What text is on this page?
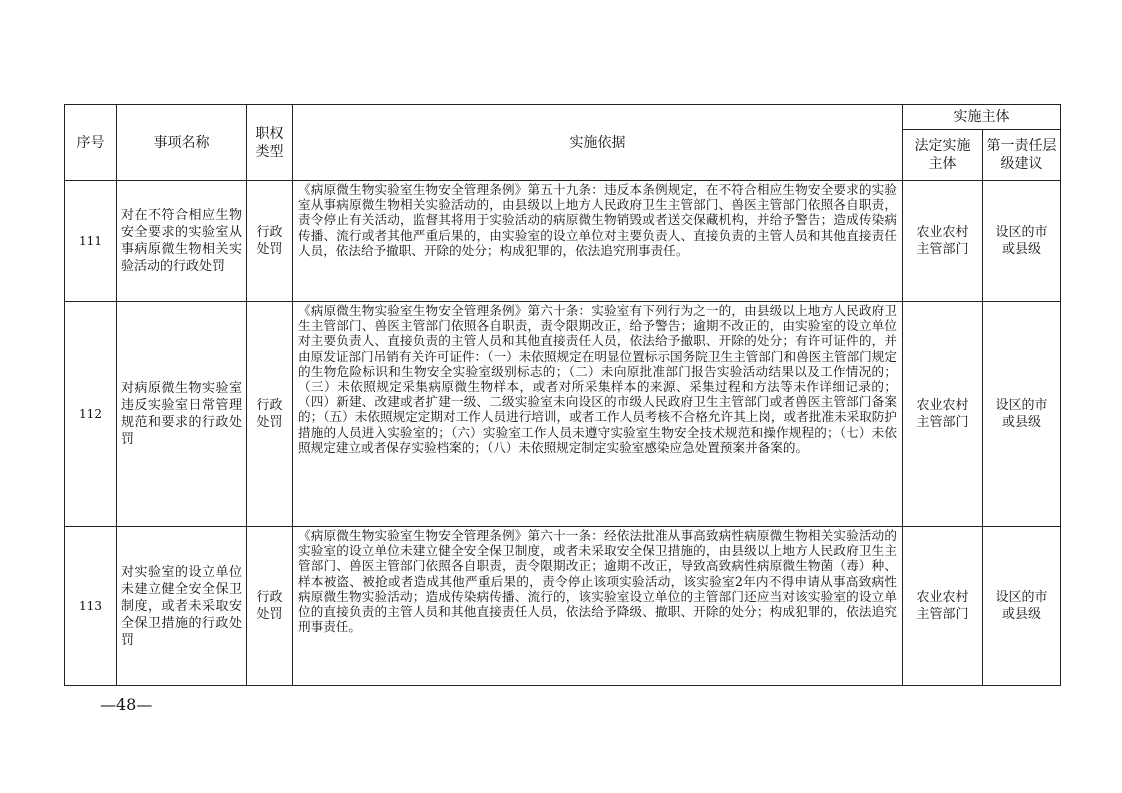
序号	事项名称	职权类型	实施依据	实施主体	

				法定实施主体	第一责任层级建议

111	对在不符合相应生物安全要求的实验室从事病原微生物相关实验活动的行政处罚	行政处罚	《病原微生物实验室生物安全管理条例》第五十九条：违反本条例规定，在不符合相应生物安全要求的实验室从事病原微生物相关实验活动的，由县级以上地方人民政府卫生主管部门、兽医主管部门依照各自职责，责令停止有关活动，监督其将用于实验活动的病原微生物销毁或者送交保藏机构，并给予警告；造成传染病传播、流行或者其他严重后果的，由实验室的设立单位对主要负责人、直接负责的主管人员和其他直接责任人员，依法给予撤职、开除的处分；构成犯罪的，依法追究刑事责任。	农业农村主管部门	设区的市或县级

112	对病原微生物实验室违反实验室日常管理规范和要求的行政处罚	行政处罚	《病原微生物实验室生物安全管理条例》第六十条：实验室有下列行为之一的，由县级以上地方人民政府卫生主管部门、兽医主管部门依照各自职责，责令限期改正，给予警告；逾期不改正的，由实验室的设立单位对主要负责人、直接负责的主管人员和其他直接责任人员，依法给予撤职、开除的处分；有许可证件的，并由原发证部门吊销有关许可证件：（一）未依照规定在明显位置标示国务院卫生主管部门和兽医主管部门规定的生物危险标识和生物安全实验室级别标志的；（二）未向原批准部门报告实验活动结果以及工作情况的；（三）未依照规定采集病原微生物样本，或者对所采集样本的来源、采集过程和方法等未作详细记录的；（四）新建、改建或者扩建一级、二级实验室未向设区的市级人民政府卫生主管部门或者兽医主管部门备案的；（五）未依照规定定期对工作人员进行培训，或者工作人员考核不合格允许其上岗，或者批准未采取防护措施的人员进入实验室的；（六）实验室工作人员未遵守实验室生物安全技术规范和操作规程的；（七）未依照规定建立或者保存实验档案的；（八）未依照规定制定实验室感染应急处置预案并备案的。	农业农村主管部门	设区的市或县级

113	对实验室的设立单位未建立健全安全保卫制度，或者未采取安全保卫措施的行政处罚	行政处罚	《病原微生物实验室生物安全管理条例》第六十一条：经依法批准从事高致病性病原微生物相关实验活动的实验室的设立单位未建立健全安全保卫制度，或者未采取安全保卫措施的，由县级以上地方人民政府卫生主管部门、兽医主管部门依照各自职责，责令限期改正；逾期不改正，导致高致病性病原微生物菌（毒）种、样本被盗、被抢或者造成其他严重后果的，责令停止该项实验活动，该实验室2年内不得申请从事高致病性病原微生物实验活动；造成传染病传播、流行的，该实验室设立单位的主管部门还应当对该实验室的设立单位的直接负责的主管人员和其他直接责任人员，依法给予降级、撤职、开除的处分；构成犯罪的，依法追究刑事责任。	农业农村主管部门	设区的市或县级
—48—
